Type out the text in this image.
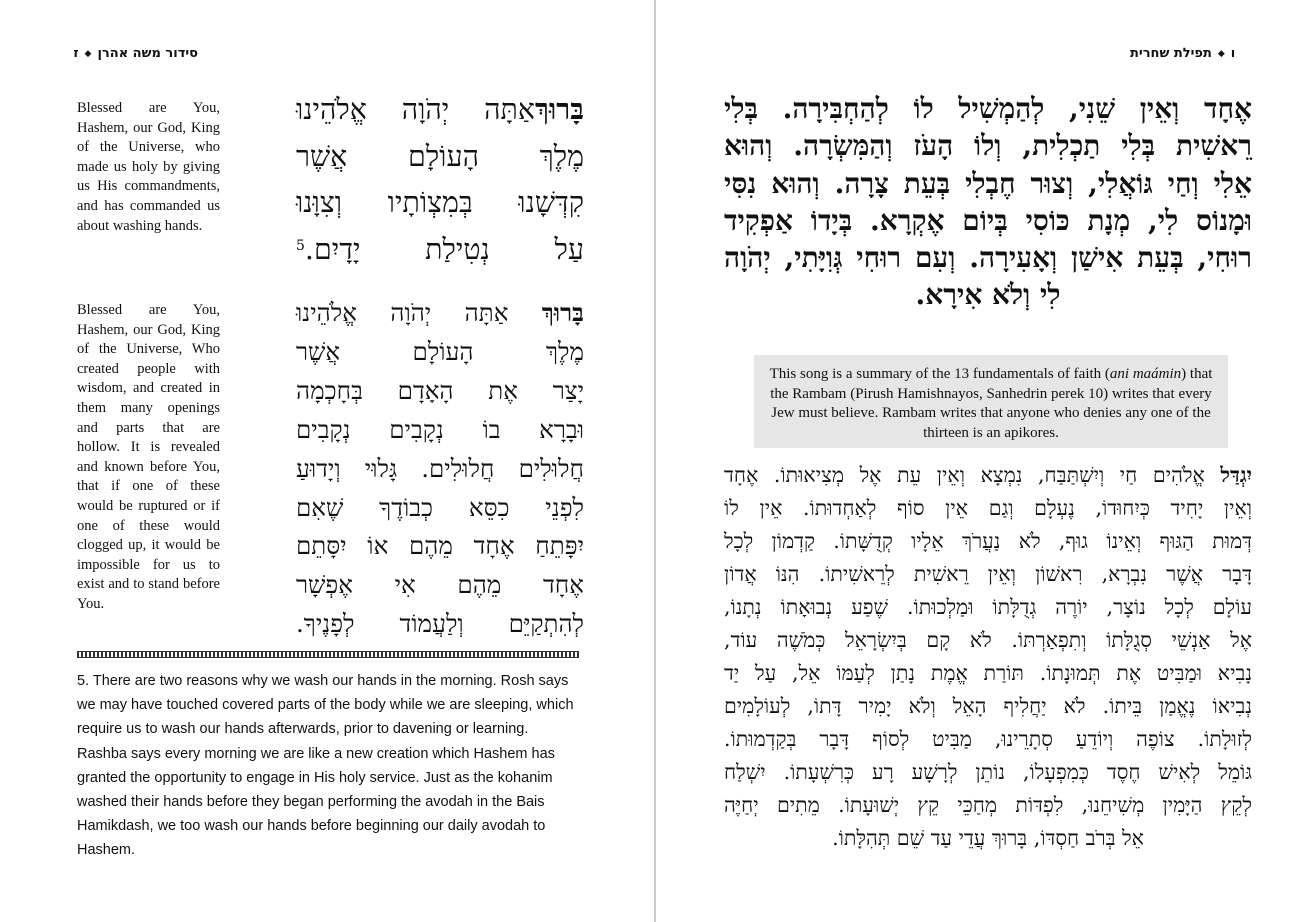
סידור משה אהרן◆ז

Blessed are You, Hashem, our God, King of the Universe, who made us holy by giving us His commandments, and has commanded us about washing hands.

בָּרוּךְאַתָּה יְהֹוָה אֱלֹהֵינוּ
מֶלֶךְ הָעוֹלָם אֲשֶׁר
קִדְּשָׁנוּ בְּמִצְוֹתָיו וְצִוָּנוּ
עַל נְטִילַת יָדָיִם.$^5$

Blessed are You, Hashem, our God, King of the Universe, Who created people with wisdom, and created in them many openings and parts that are hollow. It is revealed and known before You, that if one of these would be ruptured or if one of these would clogged up, it would be impossible for us to exist and to stand before You.

בָּרוּךְ אַתָּה יְהֹוָה אֱלֹהֵינוּ
מֶלֶךְ הָעוֹלָם אֲשֶׁר
יָצַר אֶת הָאָדָם בְּחָכְמָה
וּבָרָא בוֹ נְקָבִים נְקָבִים
חֲלוּלִים חֲלוּלִים. גָּלוּי וְיָדוּעַ
לִפְנֵי כִסֵּא כְבוֹדֶךָ שֶׁאִם
יִפָּתֵחַ אֶחָד מֵהֶם אוֹ יִסָּתֵם
אֶחָד מֵהֶם אִי אֶפְשָׁר
לְהִתְקַיֵּם וְלַעֲמוֹד לְפָנֶיךָ.

5. There are two reasons why we wash our hands in the morning. Rosh says we may have touched covered parts of the body while we are sleeping, which require us to wash our hands afterwards, prior to davening or learning. Rashba says every morning we are like a new creation which Hashem has granted the opportunity to engage in His holy service. Just as the kohanim washed their hands before they began performing the avodah in the Bais Hamikdash, we too wash our hands before beginning our daily avodah to Hashem.

ו◆תפילת שחרית
אֶחָד וְאֵין שֵׁנִי, לְהַמְשִׁיל לוֹ לְהַחְבִּירָה. בְּלִי
רֵאשִׁית בְּלִי תַכְלִית, וְלוֹ הָעֹז וְהַמִּשְׂרָה. וְהוּא
אֵלִי וְחַי גּוֹאֲלִי, וְצוּר חֶבְלִי בְּעֵת צָרָה. וְהוּא נִסִּי
וּמָנוֹס לִי, מְנָת כּוֹסִי בְּיוֹם אֶקְרָא. בְּיָדוֹ אַפְקִיד
רוּחִי, בְּעֵת אִישַׁן וְאָעִירָה. וְעִם רוּחִי גְּוִיָּתִי, יְהֹוָה
לִי וְלֹא אִירָא.
This song is a summary of the 13 fundamentals of faith (ani maámin) that the Rambam (Pirush Hamishnayos, Sanhedrin perek 10) writes that every Jew must believe. Rambam writes that anyone who denies any one of the thirteen is an apikores.
יִגְדַּל אֱלֹהִים חַי וְיִשְׁתַּבַּח, נִמְצָא וְאֵין עֵת אֶל מְצִיאוּתוֹ. אֶחָד
וְאֵין יָחִיד כְּיִחוּדוֹ, נֶעְלָם וְגַם אֵין סוֹף לְאַחְדוּתוֹ. אֵין לוֹ
דְּמוּת הַגּוּף וְאֵינוֹ גוּף, לֹא נַעֲרֹךְ אֵלָיו קְדֻשָּׁתוֹ. קַדְמוֹן לְכָל
דָּבָר אֲשֶׁר נִבְרָא, רִאשׁוֹן וְאֵין רֵאשִׁית לְרֵאשִׁיתוֹ. הִנּוֹ אֲדוֹן
עוֹלָם לְכָל נוֹצָר, יוֹרֶה גְדֻלָּתוֹ וּמַלְכוּתוֹ. שֶׁפַע נְבוּאָתוֹ נְתָנוֹ,
אֶל אַנְשֵׁי סְגֻלָּתוֹ וְתִפְאַרְתּוֹ. לֹא קָם בְּיִשְׂרָאֵל כְּמֹשֶׁה עוֹד,
נָבִיא וּמַבִּיט אֶת תְּמוּנָתוֹ. תּוֹרַת אֱמֶת נָתַן לְעַמּוֹ אֵל, עַל יַד
נְבִיאוֹ נֶאֱמַן בֵּיתוֹ. לֹא יַחֲלִיף הָאֵל וְלֹא יָמִיר דָּתוֹ, לְעוֹלָמִים
לְזוּלָתוֹ. צוֹפֶה וְיוֹדֵעַ סְתָרֵינוּ, מַבִּיט לְסוֹף דָּבָר בְּקַדְמוּתוֹ.
גּוֹמֵל לְאִישׁ חֶסֶד כְּמִפְעָלוֹ, נוֹתֵן לְרָשָׁע רָע כְּרִשְׁעָתוֹ. יִשְׁלַח
לְקֵץ הַיָּמִין מְשִׁיחֵנוּ, לִפְדּוֹת מְחַכֵּי קֵץ יְשׁוּעָתוֹ. מֵתִים יְחַיֶּה
אֵל בְּרֹב חַסְדּוֹ, בָּרוּךְ עֲדֵי עַד שֵׁם תְּהִלָּתוֹ.
